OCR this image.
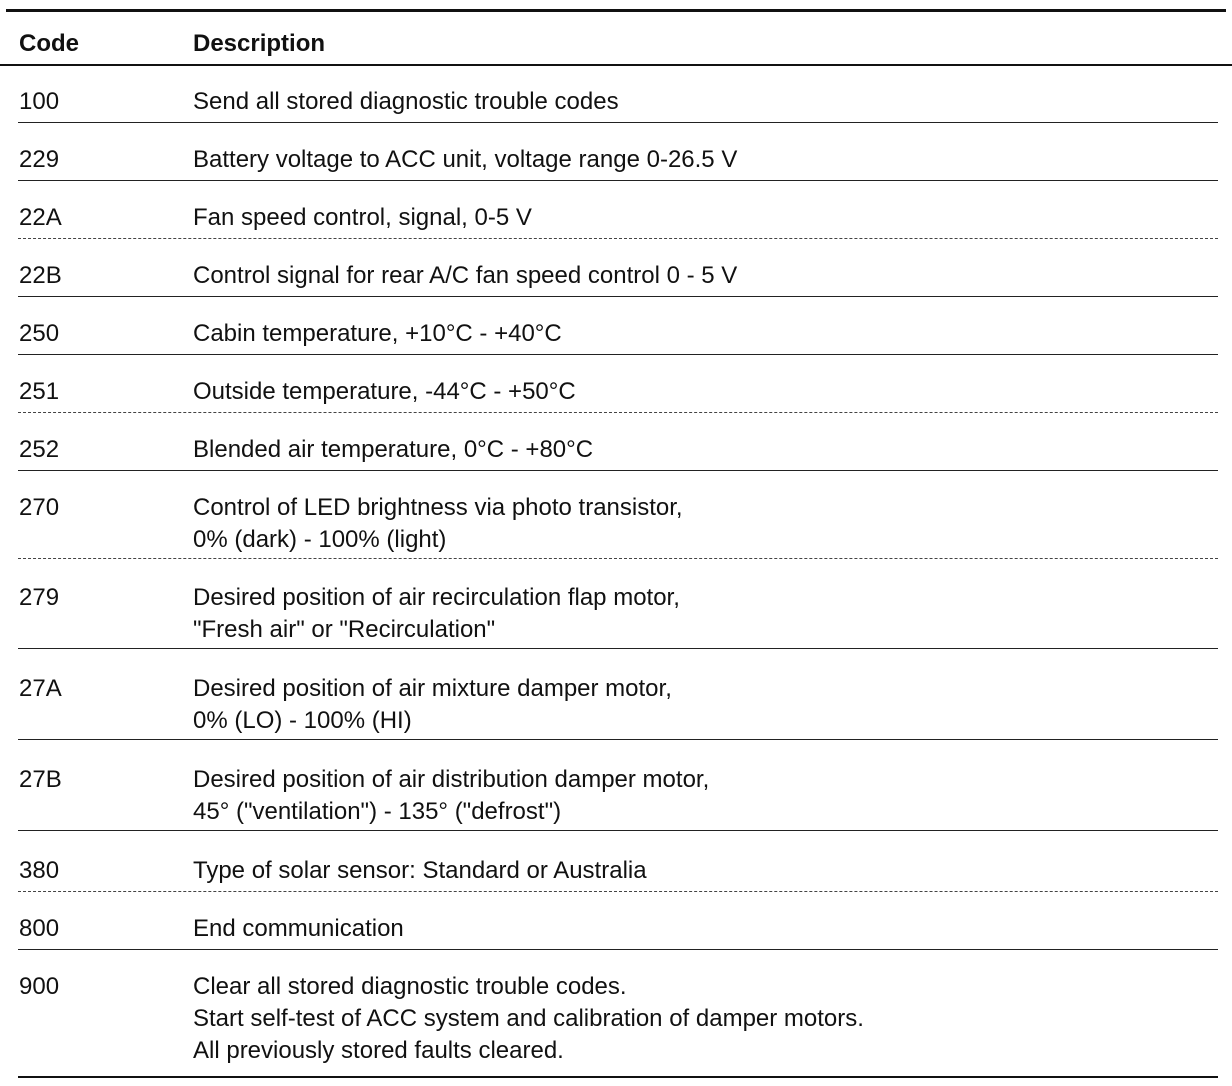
Code	Description
100	Send all stored diagnostic trouble codes
229	Battery voltage to ACC unit, voltage range 0-26.5 V
22A	Fan speed control, signal, 0-5 V
22B	Control signal for rear A/C fan speed control 0 - 5 V
250	Cabin temperature, +10°C - +40°C
251	Outside temperature, -44°C - +50°C
252	Blended air temperature, 0°C - +80°C
270	Control of LED brightness via photo transistor,
0% (dark) - 100% (light)
279	Desired position of air recirculation flap motor,
"Fresh air" or "Recirculation"
27A	Desired position of air mixture damper motor,
0% (LO) - 100% (HI)
27B	Desired position of air distribution damper motor,
45° ("ventilation") - 135° ("defrost")
380	Type of solar sensor: Standard or Australia
800	End communication
900	Clear all stored diagnostic trouble codes.
Start self-test of ACC system and calibration of damper motors.
All previously stored faults cleared.
